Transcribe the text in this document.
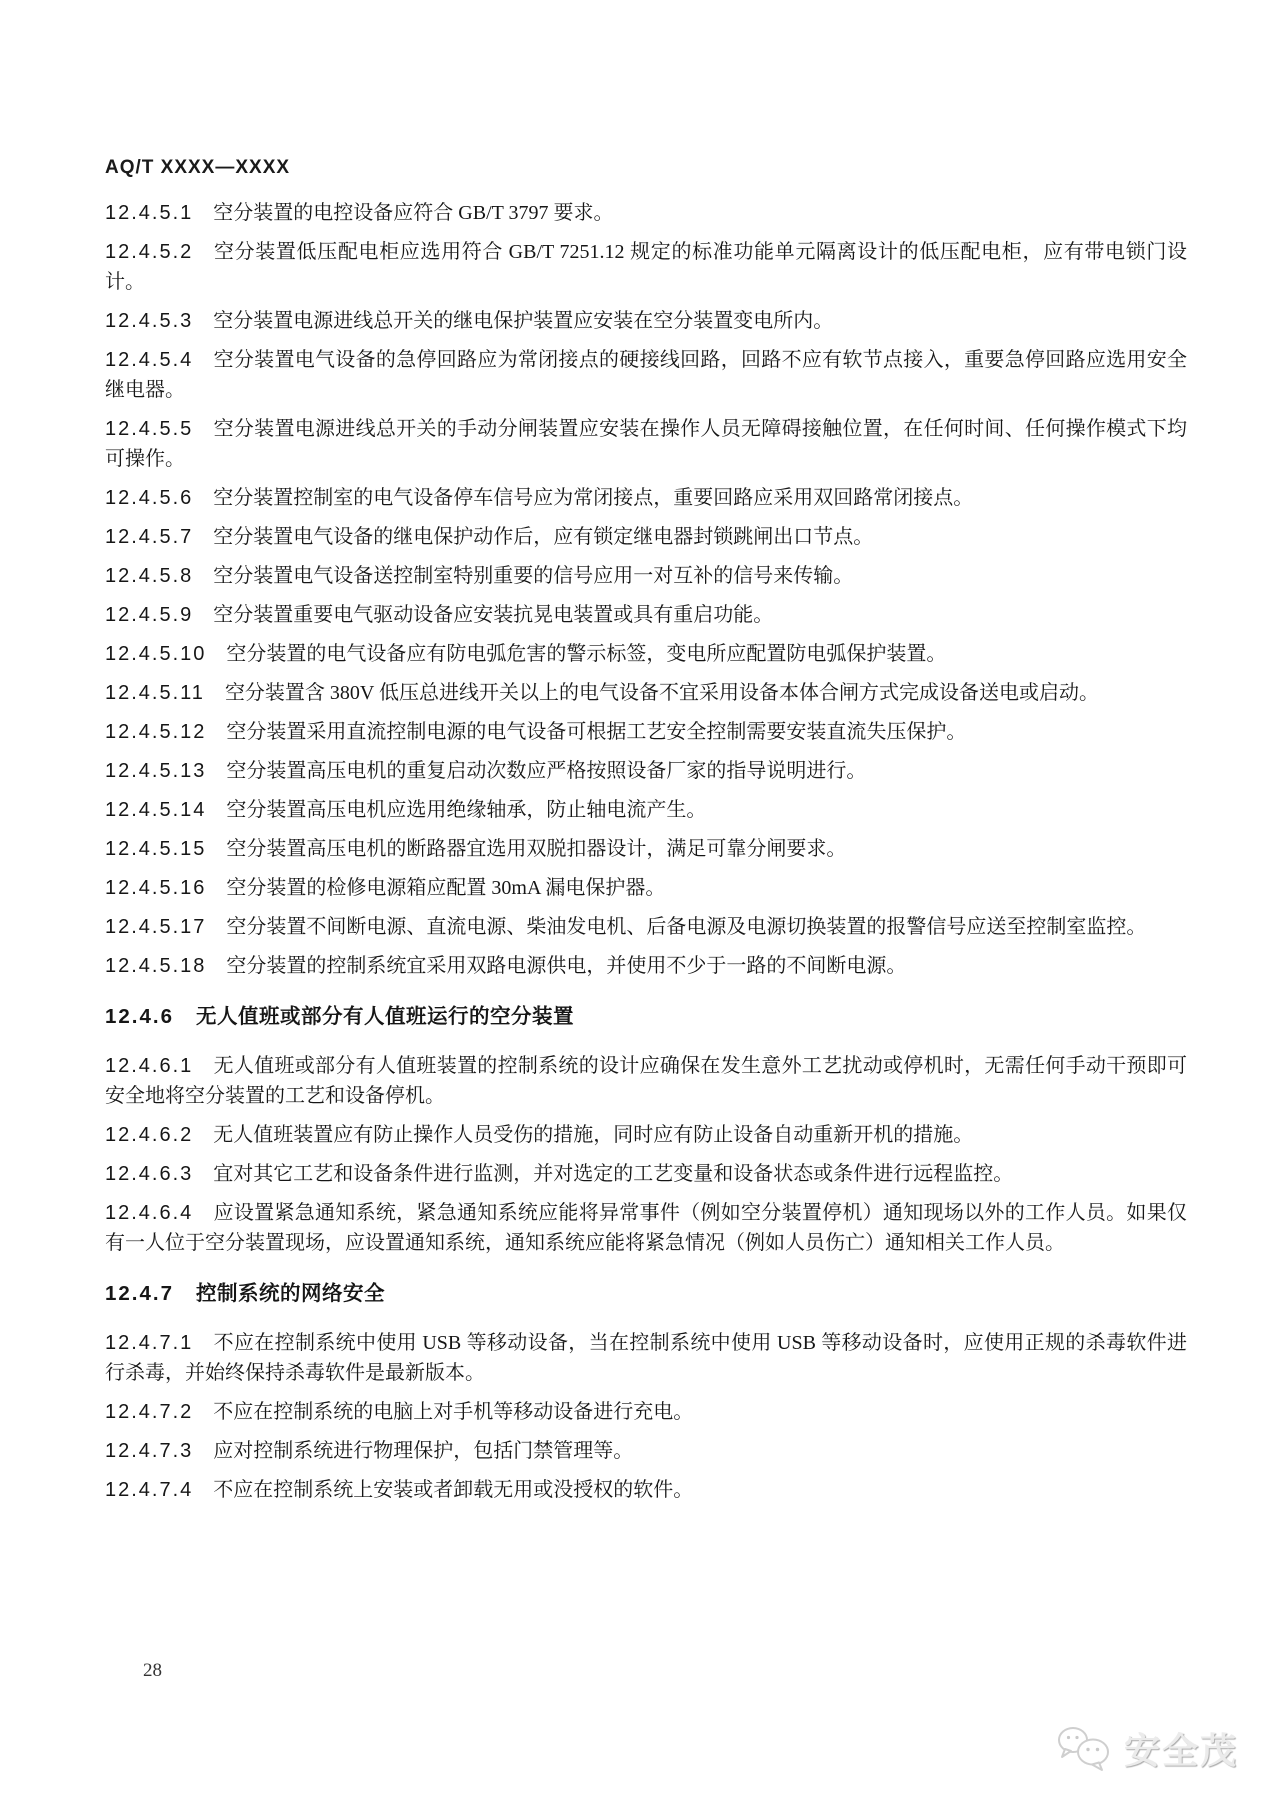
AQ/T XXXX—XXXX

12.4.5.1 空分装置的电控设备应符合 GB/T 3797 要求。

12.4.5.2 空分装置低压配电柜应选用符合 GB/T 7251.12 规定的标准功能单元隔离设计的低压配电柜，应有带电锁门设计。

12.4.5.3 空分装置电源进线总开关的继电保护装置应安装在空分装置变电所内。

12.4.5.4 空分装置电气设备的急停回路应为常闭接点的硬接线回路，回路不应有软节点接入，重要急停回路应选用安全继电器。

12.4.5.5 空分装置电源进线总开关的手动分闸装置应安装在操作人员无障碍接触位置，在任何时间、任何操作模式下均可操作。

12.4.5.6 空分装置控制室的电气设备停车信号应为常闭接点，重要回路应采用双回路常闭接点。

12.4.5.7 空分装置电气设备的继电保护动作后，应有锁定继电器封锁跳闸出口节点。

12.4.5.8 空分装置电气设备送控制室特别重要的信号应用一对互补的信号来传输。

12.4.5.9 空分装置重要电气驱动设备应安装抗晃电装置或具有重启功能。

12.4.5.10 空分装置的电气设备应有防电弧危害的警示标签，变电所应配置防电弧保护装置。

12.4.5.11 空分装置含 380V 低压总进线开关以上的电气设备不宜采用设备本体合闸方式完成设备送电或启动。

12.4.5.12 空分装置采用直流控制电源的电气设备可根据工艺安全控制需要安装直流失压保护。

12.4.5.13 空分装置高压电机的重复启动次数应严格按照设备厂家的指导说明进行。

12.4.5.14 空分装置高压电机应选用绝缘轴承，防止轴电流产生。

12.4.5.15 空分装置高压电机的断路器宜选用双脱扣器设计，满足可靠分闸要求。

12.4.5.16 空分装置的检修电源箱应配置 30mA 漏电保护器。

12.4.5.17 空分装置不间断电源、直流电源、柴油发电机、后备电源及电源切换装置的报警信号应送至控制室监控。

12.4.5.18 空分装置的控制系统宜采用双路电源供电，并使用不少于一路的不间断电源。

12.4.6 无人值班或部分有人值班运行的空分装置

12.4.6.1 无人值班或部分有人值班装置的控制系统的设计应确保在发生意外工艺扰动或停机时，无需任何手动干预即可安全地将空分装置的工艺和设备停机。

12.4.6.2 无人值班装置应有防止操作人员受伤的措施，同时应有防止设备自动重新开机的措施。

12.4.6.3 宜对其它工艺和设备条件进行监测，并对选定的工艺变量和设备状态或条件进行远程监控。

12.4.6.4 应设置紧急通知系统，紧急通知系统应能将异常事件（例如空分装置停机）通知现场以外的工作人员。如果仅有一人位于空分装置现场，应设置通知系统，通知系统应能将紧急情况（例如人员伤亡）通知相关工作人员。

12.4.7 控制系统的网络安全

12.4.7.1 不应在控制系统中使用 USB 等移动设备，当在控制系统中使用 USB 等移动设备时，应使用正规的杀毒软件进行杀毒，并始终保持杀毒软件是最新版本。

12.4.7.2 不应在控制系统的电脑上对手机等移动设备进行充电。

12.4.7.3 应对控制系统进行物理保护，包括门禁管理等。

12.4.7.4 不应在控制系统上安装或者卸载无用或没授权的软件。

28
安全茂
